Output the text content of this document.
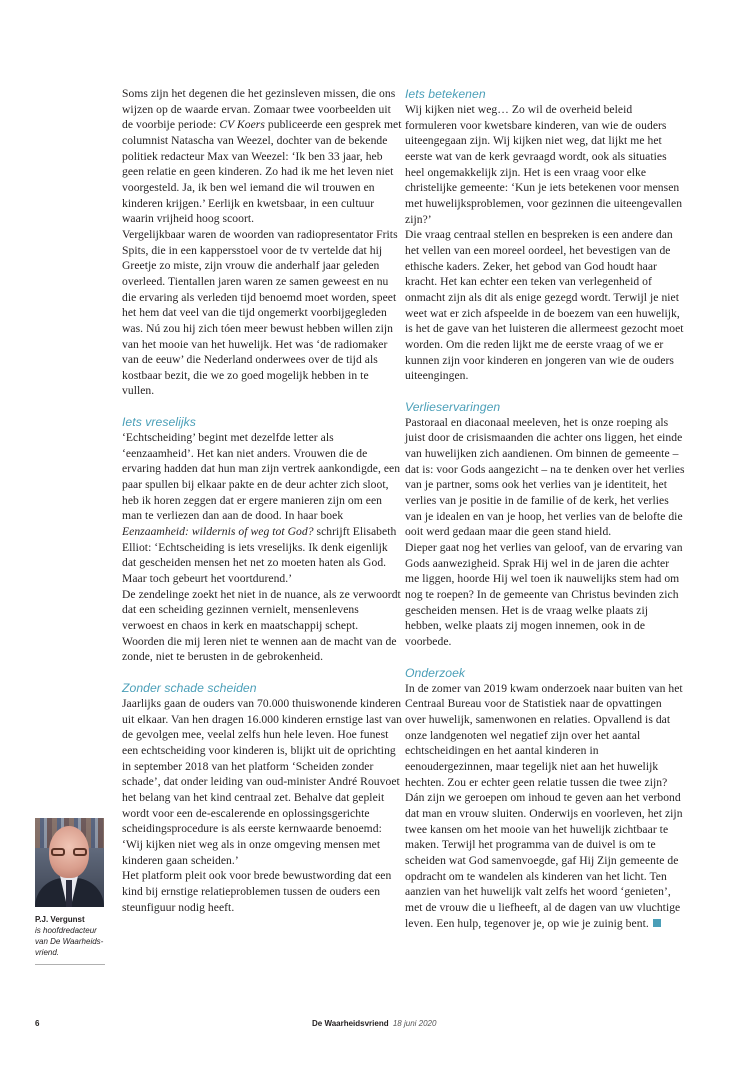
Soms zijn het degenen die het gezinsleven missen, die ons wijzen op de waarde ervan. Zomaar twee voorbeelden uit de voorbije periode: CV Koers publiceerde een gesprek met columnist Natascha van Weezel, dochter van de bekende politiek redacteur Max van Weezel: ‘Ik ben 33 jaar, heb geen relatie en geen kinderen. Zo had ik me het leven niet voorgesteld. Ja, ik ben wel iemand die wil trouwen en kinderen krijgen.’ Eerlijk en kwetsbaar, in een cultuur waarin vrijheid hoog scoort.

Vergelijkbaar waren de woorden van radiopresentator Frits Spits, die in een kappersstoel voor de tv vertelde dat hij Greetje zo miste, zijn vrouw die anderhalf jaar geleden overleed. Tientallen jaren waren ze samen geweest en nu die ervaring als verleden tijd benoemd moet worden, speet het hem dat veel van die tijd ongemerkt voorbijgegleden was. Nú zou hij zich tóen meer bewust hebben willen zijn van het mooie van het huwelijk. Het was ‘de radiomaker van de eeuw’ die Nederland onderwees over de tijd als kostbaar bezit, die we zo goed mogelijk hebben in te vullen.

Iets vreselijks

‘Echtscheiding’ begint met dezelfde letter als ‘eenzaamheid’. Het kan niet anders. Vrouwen die de ervaring hadden dat hun man zijn vertrek aankondigde, een paar spullen bij elkaar pakte en de deur achter zich sloot, heb ik horen zeggen dat er ergere manieren zijn om een man te verliezen dan aan de dood. In haar boek Eenzaamheid: wildernis of weg tot God? schrijft Elisabeth Elliot: ‘Echtscheiding is iets vreselijks. Ik denk eigenlijk dat gescheiden mensen het net zo moeten haten als God. Maar toch gebeurt het voortdurend.’

De zendelinge zoekt het niet in de nuance, als ze verwoordt dat een scheiding gezinnen vernielt, mensenlevens verwoest en chaos in kerk en maatschappij schept. Woorden die mij leren niet te wennen aan de macht van de zonde, niet te berusten in de gebrokenheid.

Zonder schade scheiden

Jaarlijks gaan de ouders van 70.000 thuiswonende kinderen uit elkaar. Van hen dragen 16.000 kinderen ernstige last van de gevolgen mee, veelal zelfs hun hele leven. Hoe funest een echtscheiding voor kinderen is, blijkt uit de oprichting in september 2018 van het platform ‘Scheiden zonder schade’, dat onder leiding van oud-minister André Rouvoet het belang van het kind centraal zet. Behalve dat gepleit wordt voor een de-escalerende en oplossingsgerichte scheidingsprocedure is als eerste kernwaarde benoemd: ‘Wij kijken niet weg als in onze omgeving mensen met kinderen gaan scheiden.’

Het platform pleit ook voor brede bewustwording dat een kind bij ernstige relatieproblemen tussen de ouders een steunfiguur nodig heeft.

Iets betekenen

Wij kijken niet weg… Zo wil de overheid beleid formuleren voor kwetsbare kinderen, van wie de ouders uiteengegaan zijn. Wij kijken niet weg, dat lijkt me het eerste wat van de kerk gevraagd wordt, ook als situaties heel ongemakkelijk zijn. Het is een vraag voor elke christelijke gemeente: ‘Kun je iets betekenen voor mensen met huwelijksproblemen, voor gezinnen die uiteengevallen zijn?’

Die vraag centraal stellen en bespreken is een andere dan het vellen van een moreel oordeel, het bevestigen van de ethische kaders. Zeker, het gebod van God houdt haar kracht. Het kan echter een teken van verlegenheid of onmacht zijn als dit als enige gezegd wordt. Terwijl je niet weet wat er zich afspeelde in de boezem van een huwelijk, is het de gave van het luisteren die allermeest gezocht moet worden. Om die reden lijkt me de eerste vraag of we er kunnen zijn voor kinderen en jongeren van wie de ouders uiteengingen.

Verlieservaringen

Pastoraal en diaconaal meeleven, het is onze roeping als juist door de crisismaanden die achter ons liggen, het einde van huwelijken zich aandienen. Om binnen de gemeente – dat is: voor Gods aangezicht – na te denken over het verlies van je partner, soms ook het verlies van je identiteit, het verlies van je positie in de familie of de kerk, het verlies van je idealen en van je hoop, het verlies van de belofte die ooit werd gedaan maar die geen stand hield.

Dieper gaat nog het verlies van geloof, van de ervaring van Gods aanwezigheid. Sprak Hij wel in de jaren die achter me liggen, hoorde Hij wel toen ik nauwelijks stem had om nog te roepen? In de gemeente van Christus bevinden zich gescheiden mensen. Het is de vraag welke plaats zij hebben, welke plaats zij mogen innemen, ook in de voorbede.

Onderzoek

In de zomer van 2019 kwam onderzoek naar buiten van het Centraal Bureau voor de Statistiek naar de opvattingen over huwelijk, samenwonen en relaties. Opvallend is dat onze landgenoten wel negatief zijn over het aantal echtscheidingen en het aantal kinderen in eenoudergezinnen, maar tegelijk niet aan het huwelijk hechten. Zou er echter geen relatie tussen die twee zijn? Dán zijn we geroepen om inhoud te geven aan het verbond dat man en vrouw sluiten. Onderwijs en voorleven, het zijn twee kansen om het mooie van het huwelijk zichtbaar te maken. Terwijl het programma van de duivel is om te scheiden wat God samenvoegde, gaf Hij Zijn gemeente de opdracht om te wandelen als kinderen van het licht. Ten aanzien van het huwelijk valt zelfs het woord ‘genieten’, met de vrouw die u liefheeft, al de dagen van uw vluchtige leven. Een hulp, tegenover je, op wie je zuinig bent.

P.J. Vergunst
is hoofdredacteur van De Waarheids-vriend.
6	De Waarheidsvriend 18 juni 2020
